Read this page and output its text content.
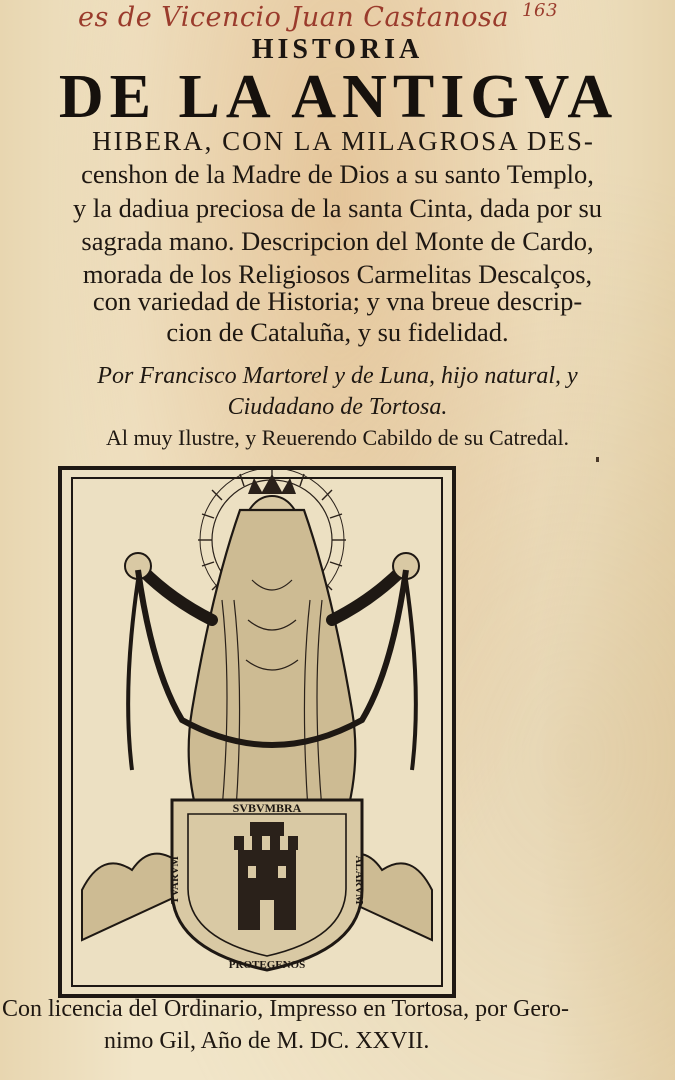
es de Vicencio Juan Castanosa $^{163}$
HISTORIA
DE LA ANTIGVA
HIBERA, CON LA MILAGROSA DES-
censhon de la Madre de Dios a su santo Templo,
y la dadiua preciosa de la santa Cinta, dada por su
sagrada mano. Descripcion del Monte de Cardo,
morada de los Religiosos Carmelitas Descalços,
con variedad de Historia; y vna breue descrip-
cion de Cataluña, y su fidelidad.
Por Francisco Martorel y de Luna, hijo natural, y
Ciudadano de Tortosa.
Al muy Ilustre, y Reuerendo Cabildo de su Catredal.
SVBVMBRA
ALARVM
TVARVM
PROTEGENOS
Con licencia del Ordinario, Impresso en Tortosa, por Gero-
nimo Gil, Año de M. DC. XXVII.
